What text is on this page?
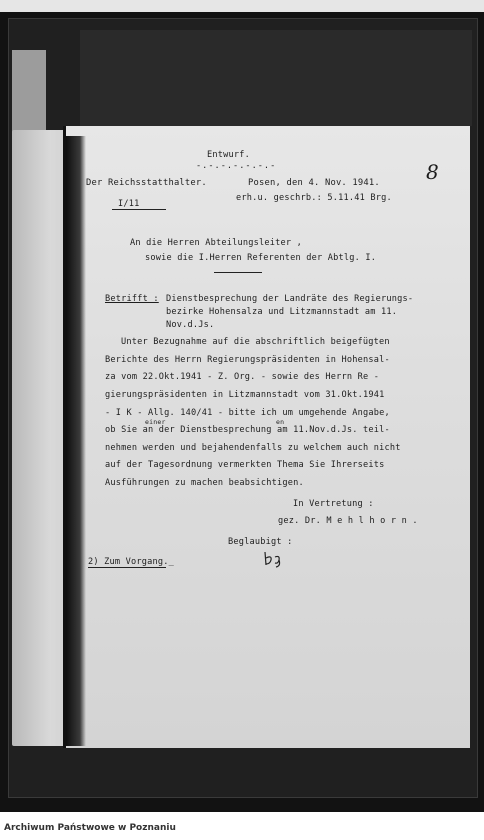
Entwurf.
-.-.-.-.-.-.-	8
Der Reichsstatthalter.	Posen, den 4. Nov. 1941.
erh.u. geschrb.: 5.11.41 Brg.
I/11
An die Herren Abteilungsleiter ,
sowie die I.Herren Referenten der Abtlg. I.
Betrifft : Dienstbesprechung der Landräte des Regierungs-
bezirke Hohensalza und Litzmannstadt am 11.
Nov.d.Js.
Unter Bezugnahme auf die abschriftlich beigefügten
Berichte des Herrn Regierungspräsidenten in Hohensal-
za vom 22.Okt.1941 - Z. Org. - sowie des Herrn Re -
gierungspräsidenten in Litzmannstadt vom 31.Okt.1941
- I K - Allg. 140/41 - bitte ich um umgehende Angabe,
einer	en
ob Sie an der Dienstbesprechung am 11.Nov.d.Js. teil-
nehmen werden und bejahendenfalls zu welchem auch nicht
auf der Tagesordnung vermerkten Thema Sie Ihrerseits
Ausführungen zu machen beabsichtigen.
In Vertretung :
gez. Dr. M e h l h o r n .
Beglaubigt :
2) Zum Vorgang._
Archiwum Państwowe w Poznaniu
